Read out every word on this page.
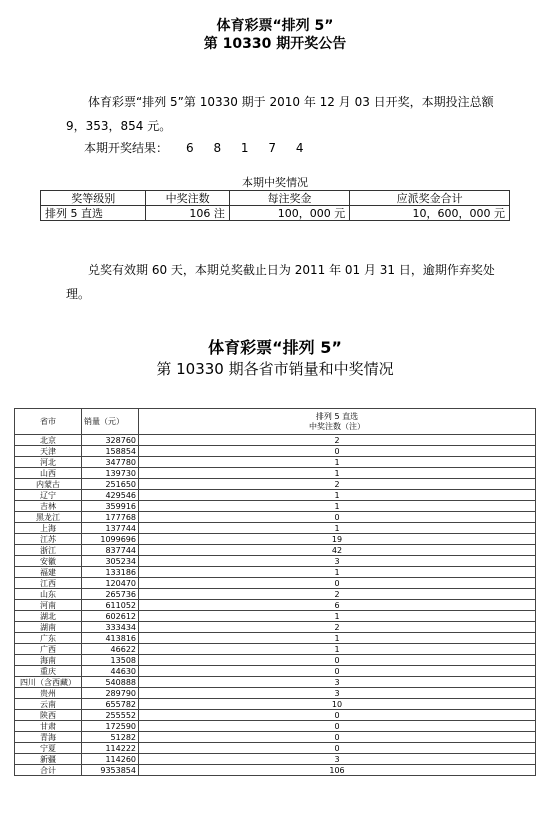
体育彩票“排列 5”
第 10330 期开奖公告
体育彩票“排列 5”第 10330 期于 2010 年 12 月 03 日开奖，本期投注总额 9，353，854 元。
本期开奖结果： 6 8 1 7 4
本期中奖情况
奖等级别	中奖注数	每注奖金	应派奖金合计
排列 5 直选	106 注	100，000 元	10，600，000 元
兑奖有效期 60 天，本期兑奖截止日为 2011 年 01 月 31 日，逾期作弃奖处理。
体育彩票“排列 5”
第 10330 期各省市销量和中奖情况
省市	销量（元）	排列 5 直选
中奖注数（注）

北京	328760	2
天津	158854	0
河北	347780	1
山西	139730	1
内蒙古	251650	2
辽宁	429546	1
吉林	359916	1
黑龙江	177768	0
上海	137744	1
江苏	1099696	19
浙江	837744	42
安徽	305234	3
福建	133186	1
江西	120470	0
山东	265736	2
河南	611052	6
湖北	602612	1
湖南	333434	2
广东	413816	1
广西	46622	1
海南	13508	0
重庆	44630	0
四川（含西藏）	540888	3
贵州	289790	3
云南	655782	10
陕西	255552	0
甘肃	172590	0
青海	51282	0
宁夏	114222	0
新疆	114260	3
合计	9353854	106
